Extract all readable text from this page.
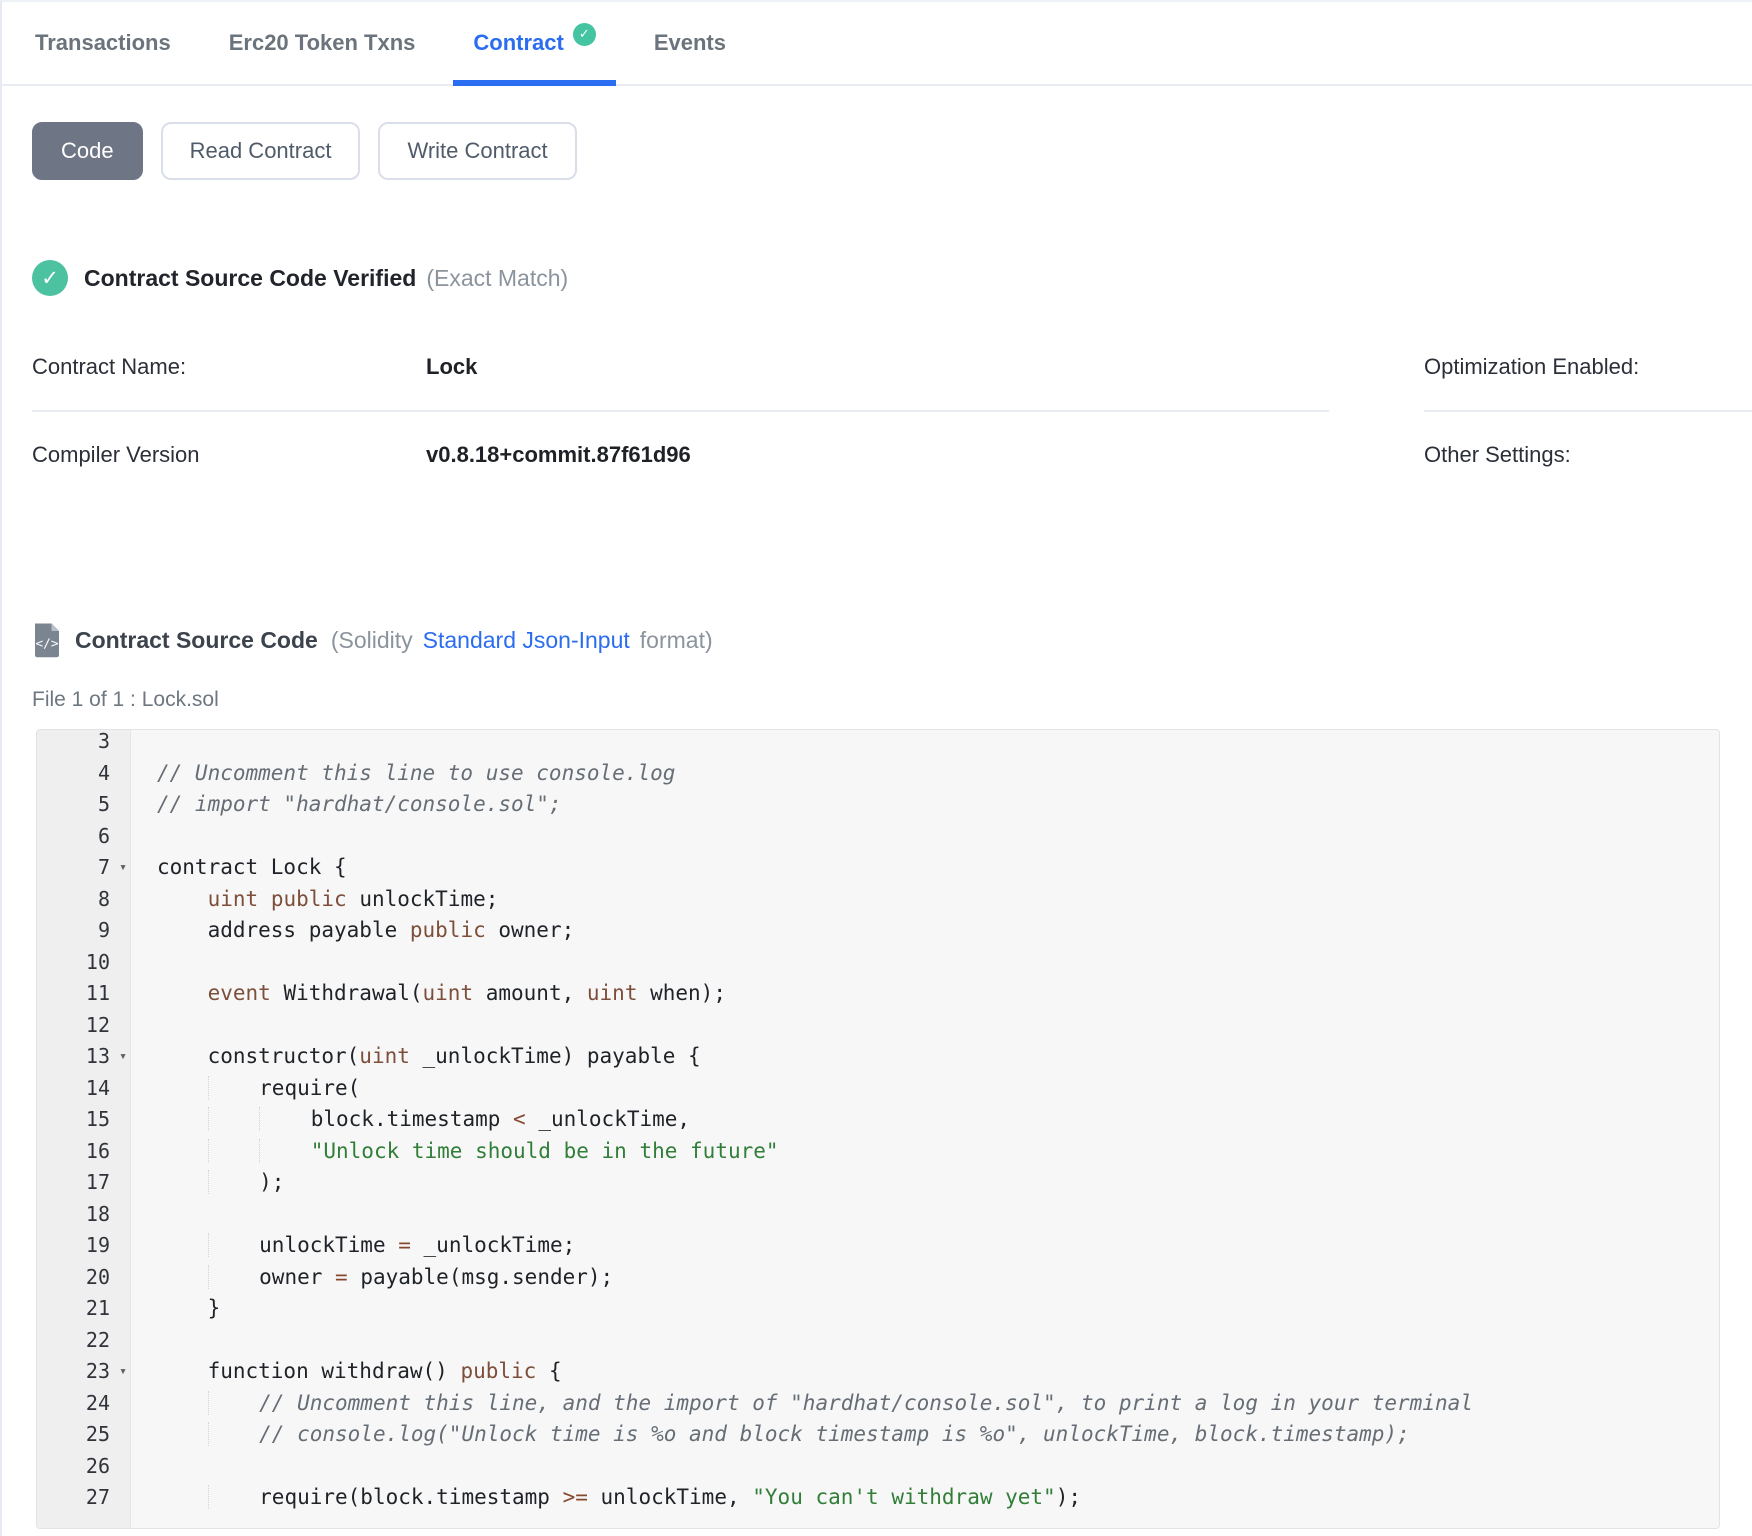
Transactions	Erc20 Token Txns	Contract	✓	Events
Code	Read Contract	Write Contract
✓	Contract Source Code Verified (Exact Match)
Contract Name:	Lock
Compiler Version	v0.8.18+commit.87f61d96
Optimization Enabled:
Other Settings:
</> Contract Source Code (Solidity Standard Json-Input format)
File 1 of 1 : Lock.sol
3
4
5
6
7 ▾
8
9
10
11
12
13 ▾
14
15
16
17
18
19
20
21
22
23 ▾
24
25
26
27
// Uncomment this line to use console.log
// import "hardhat/console.sol";
contract Lock {
uint public unlockTime;
address payable public owner;
event Withdrawal(uint amount, uint when);
constructor(uint _unlockTime) payable {
require(
block.timestamp < _unlockTime,
"Unlock time should be in the future"
);
unlockTime = _unlockTime;
owner = payable(msg.sender);
}
function withdraw() public {
// Uncomment this line, and the import of "hardhat/console.sol", to print a log in your terminal
// console.log("Unlock time is %o and block timestamp is %o", unlockTime, block.timestamp);
require(block.timestamp >= unlockTime, "You can't withdraw yet");
